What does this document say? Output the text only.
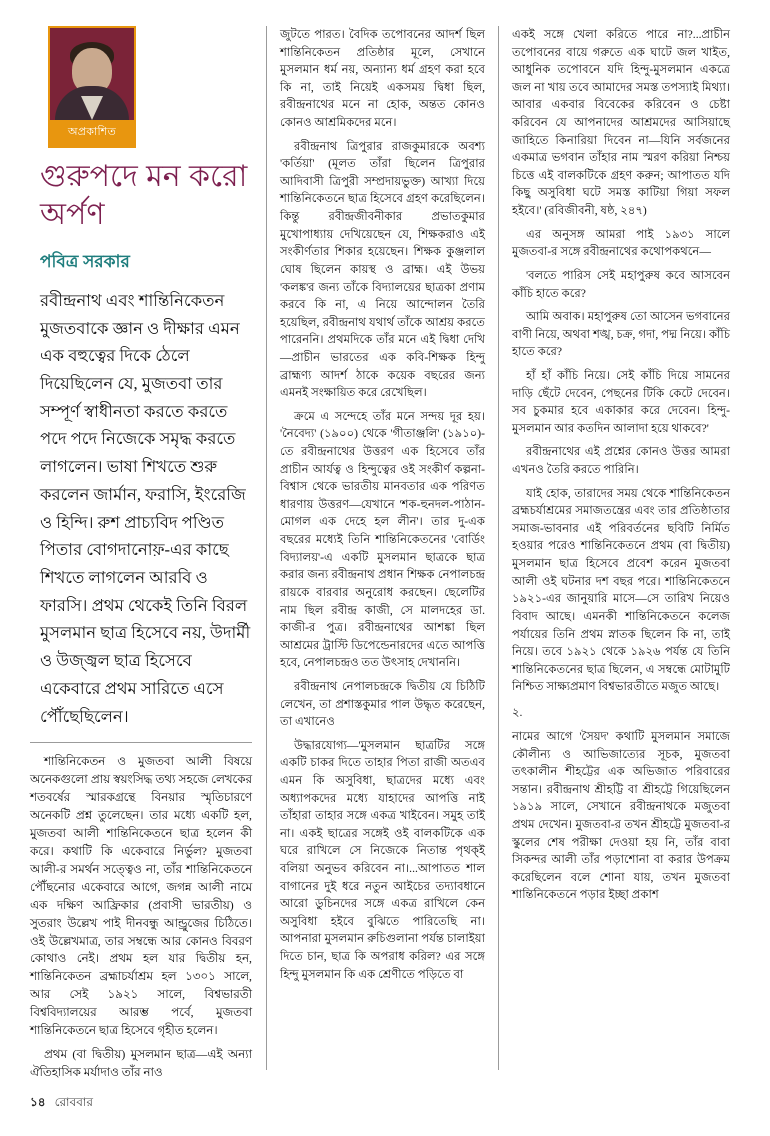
অপ্রকাশিত
গুরুপদে মন করো অর্পণ
পবিত্র সরকার

রবীন্দ্রনাথ এবং শান্তিনিকেতন মুজতবাকে জ্ঞান ও দীক্ষার এমন এক বহুত্বের দিকে ঠেলে দিয়েছিলেন যে, মুজতবা তার সম্পূর্ণ স্বাধীনতা করতে করতে পদে পদে নিজেকে সমৃদ্ধ করতে লাগলেন। ভাষা শিখতে শুরু করলেন জার্মান, ফরাসি, ইংরেজি ও হিন্দি। রুশ প্রাচ্যবিদ পণ্ডিত পিতার বোগদানোফ়-এর কাছে শিখতে লাগলেন আরবি ও ফারসি। প্রথম থেকেই তিনি বিরল মুসলমান ছাত্র হিসেবে নয়, উদার্মী ও উজ্জ্বল ছাত্র হিসেবে একেবারে প্রথম সারিতে এসে পৌঁছেছিলেন।

শান্তিনিকেতন ও মুজতবা আলী বিষয়ে অনেকগুলো প্রায় স্বয়ংসিদ্ধ তথ্য সহজে লেখকের শতবর্ষের স্মারকগ্রন্থে বিনয়ার স্মৃতিচারণে অনেকটি প্রশ্ন তুলেছেন। তার মধ্যে একটি হল, মুজতবা আলী শান্তিনিকেতনে ছাত্র হলেন কী করে। কথাটি কি একেবারে নির্ভুল? মুজতবা আলী-র সমর্থন সত্ত্বেও না, তাঁর শান্তিনিকেতনে পৌঁছনোর একেবারে আগে, জগন্ন আলী নামে এক দক্ষিণ আফ্রিকার (প্রবাসী ভারতীয়) ও সুতরাং উল্লেখ পাই দীনবন্ধু আন্ড্রুজের চিঠিতে। ওই উল্লেখমাত্র, তার সম্বন্ধে আর কোনও বিবরণ কোথাও নেই। প্রথম হল যার দ্বিতীয় হন, শান্তিনিকেতন ব্রহ্মাচর্যাশ্রম হল ১৩০১ সালে, আর সেই ১৯২১ সালে, বিশ্বভারতী বিশ্ববিদ্যালয়ের আরম্ভ পর্বে, মুজতবা শান্তিনিকেতনে ছাত্র হিসেবে গৃহীত হলেন।

প্রথম (বা দ্বিতীয়) মুসলমান ছাত্র—এই অন্যা ঐতিহাসিক মর্যাদাও তাঁর নাও

জুটতে পারত। বৈদিক তপোবনের আদর্শ ছিল শান্তিনিকেতন প্রতিষ্ঠার মূলে, সেখানে মুসলমান ধর্ম নয়, অন্যান্য ধর্ম গ্রহণ করা হবে কি না, তাই নিয়েই একসময় দ্বিধা ছিল, রবীন্দ্রনাথের মনে না হোক, অন্তত কোনও কোনও আশ্রমিকদের মনে।

রবীন্দ্রনাথ ত্রিপুরার রাজকুমারকে অবশ্য 'কর্তিয়া' (মূলত তাঁরা ছিলেন ত্রিপুরার আদিবাসী ত্রিপুরী সম্প্রদায়ভুক্ত) আখ্যা দিয়ে শান্তিনিকেতনে ছাত্র হিসেবে গ্রহণ করেছিলেন। কিন্তু রবীন্দ্রজীবনীকার প্রভাতকুমার মুখোপাধ্যায় দেখিয়েছেন যে, শিক্ষকরাও এই সংকীর্ণতার শিকার হয়েছেন। শিক্ষক কুঞ্জলাল ঘোষ ছিলেন কায়স্থ ও ব্রাহ্ম। এই উভয় 'কলঙ্ক'র জন্য তাঁকে বিদ্যালয়ের ছাত্রকা প্রণাম করবে কি না, এ নিয়ে আন্দোলন তৈরি হয়েছিল, রবীন্দ্রনাথ যথার্থ তাঁকে আশ্রয় করতে পারেননি। প্রথমদিকে তাঁর মনে এই দ্বিধা দেখি—প্রাচীন ভারতের এক কবি-শিক্ষক হিন্দু ব্রাহ্মণ্য আদর্শ ঠাকে কয়েক বছরের জন্য এমনই সংক্ষায়িত করে রেখেছিল।

ক্রমে এ সন্দেহে তাঁর মনে সন্দয় দূর হয়। 'নৈবেদ্য' (১৯০০) থেকে 'গীতাঞ্জলি' (১৯১০)-তে রবীন্দ্রনাথের উত্তরণ এক হিসেবে তাঁর প্রাচীন আর্যত্ব ও হিন্দুত্বের ওই সংকীর্ণ কল্পনা-বিশ্বাস থেকে ভারতীয় মানবতার এক পরিণত ধারণায় উত্তরণ—যেখানে 'শক-হুনদল-পাঠান-মোগল এক দেহে হল লীন'। তার দু-এক বছরের মধ্যেই তিনি শান্তিনিকেতনের 'বোর্ডিং বিদ্যালয়'-এ একটি মুসলমান ছাত্রকে ছাত্র করার জন্য রবীন্দ্রনাথ প্রধান শিক্ষক নেপালচন্দ্র রায়কে বারবার অনুরোধ করছেন। ছেলেটির নাম ছিল রবীন্দ্র কাজী, সে মালদহের ডা. কাজী-র পুত্র। রবীন্দ্রনাথের আশঙ্কা ছিল আশ্রমের ট্রাস্টি ডিপেন্ডেনারদের এতে আপত্তি হবে, নেপালচন্দ্রও তত উৎসাহ দেখাননি।

রবীন্দ্রনাথ নেপালচন্দ্রকে দ্বিতীয় যে চিঠিটি লেখেন, তা প্রশাস্তকুমার পাল উদ্ধৃত করেছেন, তা এখানেও

উদ্ধারযোগ্য—'মুসলমান ছাত্রটির সঙ্গে একটি চাকর দিতে তাহার পিতা রাজী অতএব এমন কি অসুবিধা, ছাত্রদের মধ্যে এবং অধ্যাপকদের মধ্যে যাহাদের আপত্তি নাই তাঁহারা তাহার সঙ্গে একত্র খাইবেন। সমুহ তাই না। একই ছাত্রের সঙ্গেই ওই বালকটিকে এক ঘরে রাখিলে সে নিজেকে নিতান্ত পৃথক্‌ই বলিয়া অনুভব করিবেন না।...আপাতত শাল বাগানের দুই ধরে নতুন আইচের তদ্যাবধানে আরো ডুচিনদের সঙ্গে একত্র রাখিলে কেন অসুবিধা হইবে বুঝিতে পারিতেছি না। আপনারা মুসলমান রুচিগুলানা পর্যন্ত চালাইয়া দিতে চান, ছাত্র কি অপরাধ করিল? এর সঙ্গে হিন্দু মুসলমান কি এক শ্রেণীতে পড়িতে বা

একই সঙ্গে খেলা করিতে পারে না?...প্রাচীন তপোবনের বায়ে গরুতে এক ঘাটে জল খাইত, আধুনিক তপোবনে যদি হিন্দু-মুসলমান একত্রে জল না খায় তবে আমাদের সমস্ত তপস্যাই মিথ্যা। আবার একবার বিবেকের করিবেন ও চেষ্টা করিবেন যে আপনাদের আশ্রমদের আসিয়াছে জাহিতে কিনারিয়া দিবেন না—যিনি সর্বজনের একমাত্র ভগবান তাঁহার নাম স্মরণ করিয়া নিশ্চয় চিত্তে এই বালকটিকে গ্রহণ করুন; আপাতত যদি কিছু অসুবিধা ঘটে সমস্ত কাটিয়া গিয়া সফল হইবে।' (রবিজীবনী, ষষ্ঠ, ২৪৭)

এর অনুসঙ্গ আমরা পাই ১৯৩১ সালে মুজতবা-র সঙ্গে রবীন্দ্রনাথের কথোপকথনে—

'বলতে পারিস সেই মহাপুরুষ কবে আসবেন কাঁচি হাতে করে?

আমি অবাক। মহাপুরুষ তো আসেন ভগবানের বাণী নিয়ে, অথবা শঙ্খ, চক্র, গদা, পদ্ম নিয়ে। কাঁচি হাতে করে?

হাঁ হাঁ কাঁচি নিয়ে। সেই কাঁচি দিয়ে সামনের দাড়ি ছেঁটে দেবেন, পেছনের টিকি কেটে দেবেন। সব চুকমার হবে একাকার করে দেবেন। হিন্দু-মুসলমান আর কতদিন আলাদা হয়ে থাকবে?'

রবীন্দ্রনাথের এই প্রশ্নের কোনও উত্তর আমরা এখনও তৈরি করতে পারিনি।

যাই হোক, তারাদের সময় থেকে শান্তিনিকেতন ব্রহ্মচর্যাশ্রমের সমাজতন্ত্রের এবং তার প্রতিষ্ঠাতার সমাজ-ভাবনার এই পরিবর্তনের ছবিটি নির্মিত হওয়ার পরেও শান্তিনিকেতনে প্রথম (বা দ্বিতীয়) মুসলমান ছাত্র হিসেবে প্রবেশ করেন মুজতবা আলী ওই ঘটনার দশ বছর পরে। শান্তিনিকেতনে ১৯২১-এর জানুয়ারি মাসে—সে তারিখ নিয়েও বিবাদ আছে। এমনকী শান্তিনিকেতনে কলেজ পর্যায়ের তিনি প্রথম স্নাতক ছিলেন কি না, তাই নিয়ে। তবে ১৯২১ থেকে ১৯২৬ পর্যন্ত যে তিনি শান্তিনিকেতনের ছাত্র ছিলেন, এ সম্বন্ধে মোটামুটি নিশ্চিত সাক্ষ্যপ্রমাণ বিশ্বভারতীতে মজুত আছে।

২.

নামের আগে 'সৈয়দ' কথাটি মুসলমান সমাজে কৌলীন্য ও আভিজাত্যের সূচক, মুজতবা তৎকালীন শীহট্টের এক অভিজাত পরিবারের সন্তান। রবীন্দ্রনাথ শ্রীহট্টি বা শ্রীহট্টে গিয়েছিলেন ১৯১৯ সালে, সেখানে রবীন্দ্রনাথকে মজুতবা প্রথম দেখেন। মুজতবা-র তখন শ্রীহট্টে মুজতবা-র স্কুলের শেষ পরীক্ষা দেওয়া হয় নি, তাঁর বাবা সিকন্দর আলী তাঁর পড়াশোনা বা করার উপক্রম করেছিলেন বলে শোনা যায়, তখন মুজতবা শান্তিনিকেতনে পড়ার ইচ্ছা প্রকাশ

১৪ রোববার
